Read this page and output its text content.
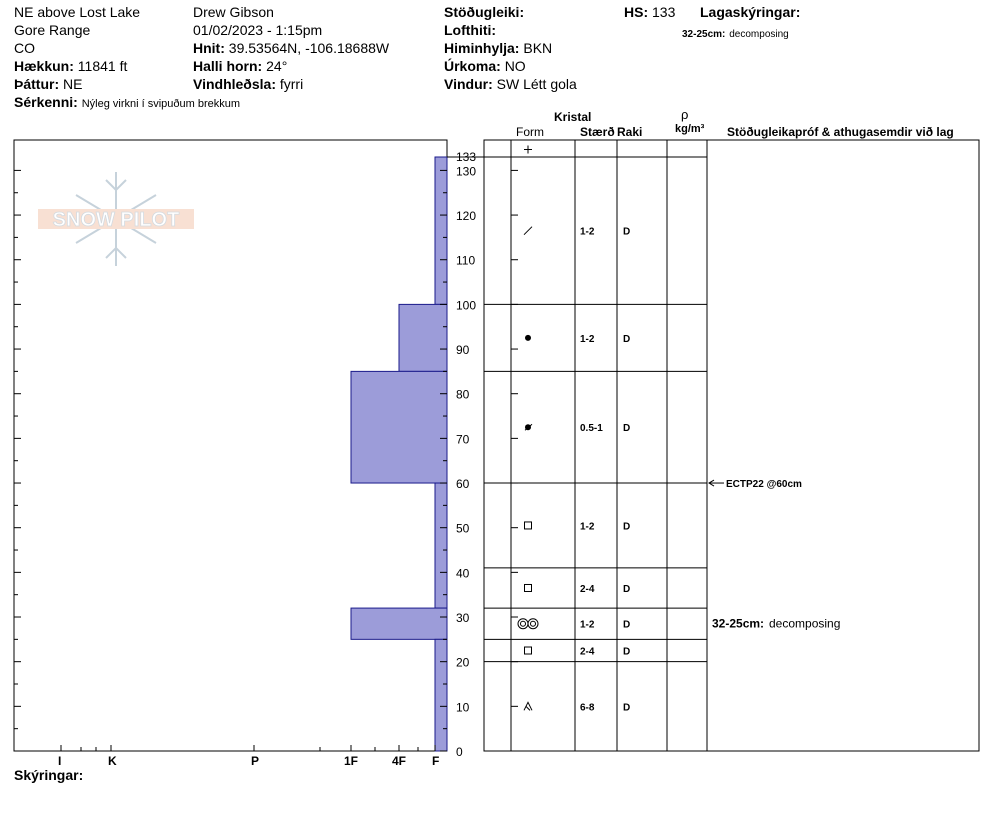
NE above Lost Lake
Gore Range
CO
Hækkun: 11841 ft
Þáttur: NE
Sérkenni: Nýleg virkni í svipuðum brekkum
Drew Gibson
01/02/2023 - 1:15pm
Hnit: 39.53564N, -106.18688W
Halli horn: 24°
Vindhleðsla: fyrri
Stöðugleiki:
Lofthiti:
Himinhylja: BKN
Úrkoma: NO
Vindur: SW Létt gola
HS: 133 Lagaskýringar:
32-25cm: decomposing
Kristal
Form	Stærð Raki
ρ
kg/m³ Stöðugleikapróf & athugasemdir við lag
SNOW PILOT
0
10
20
30
40
50
60
70
80
90
100
110
120
130
133
I	K	P	1F	4F F
1-2	D
1-2	D
0.5-1 D
1-2	D
2-4	D
1-2	D
2-4	D
6-8	D
ECTP22 @60cm
32-25cm: decomposing
Skýringar:
